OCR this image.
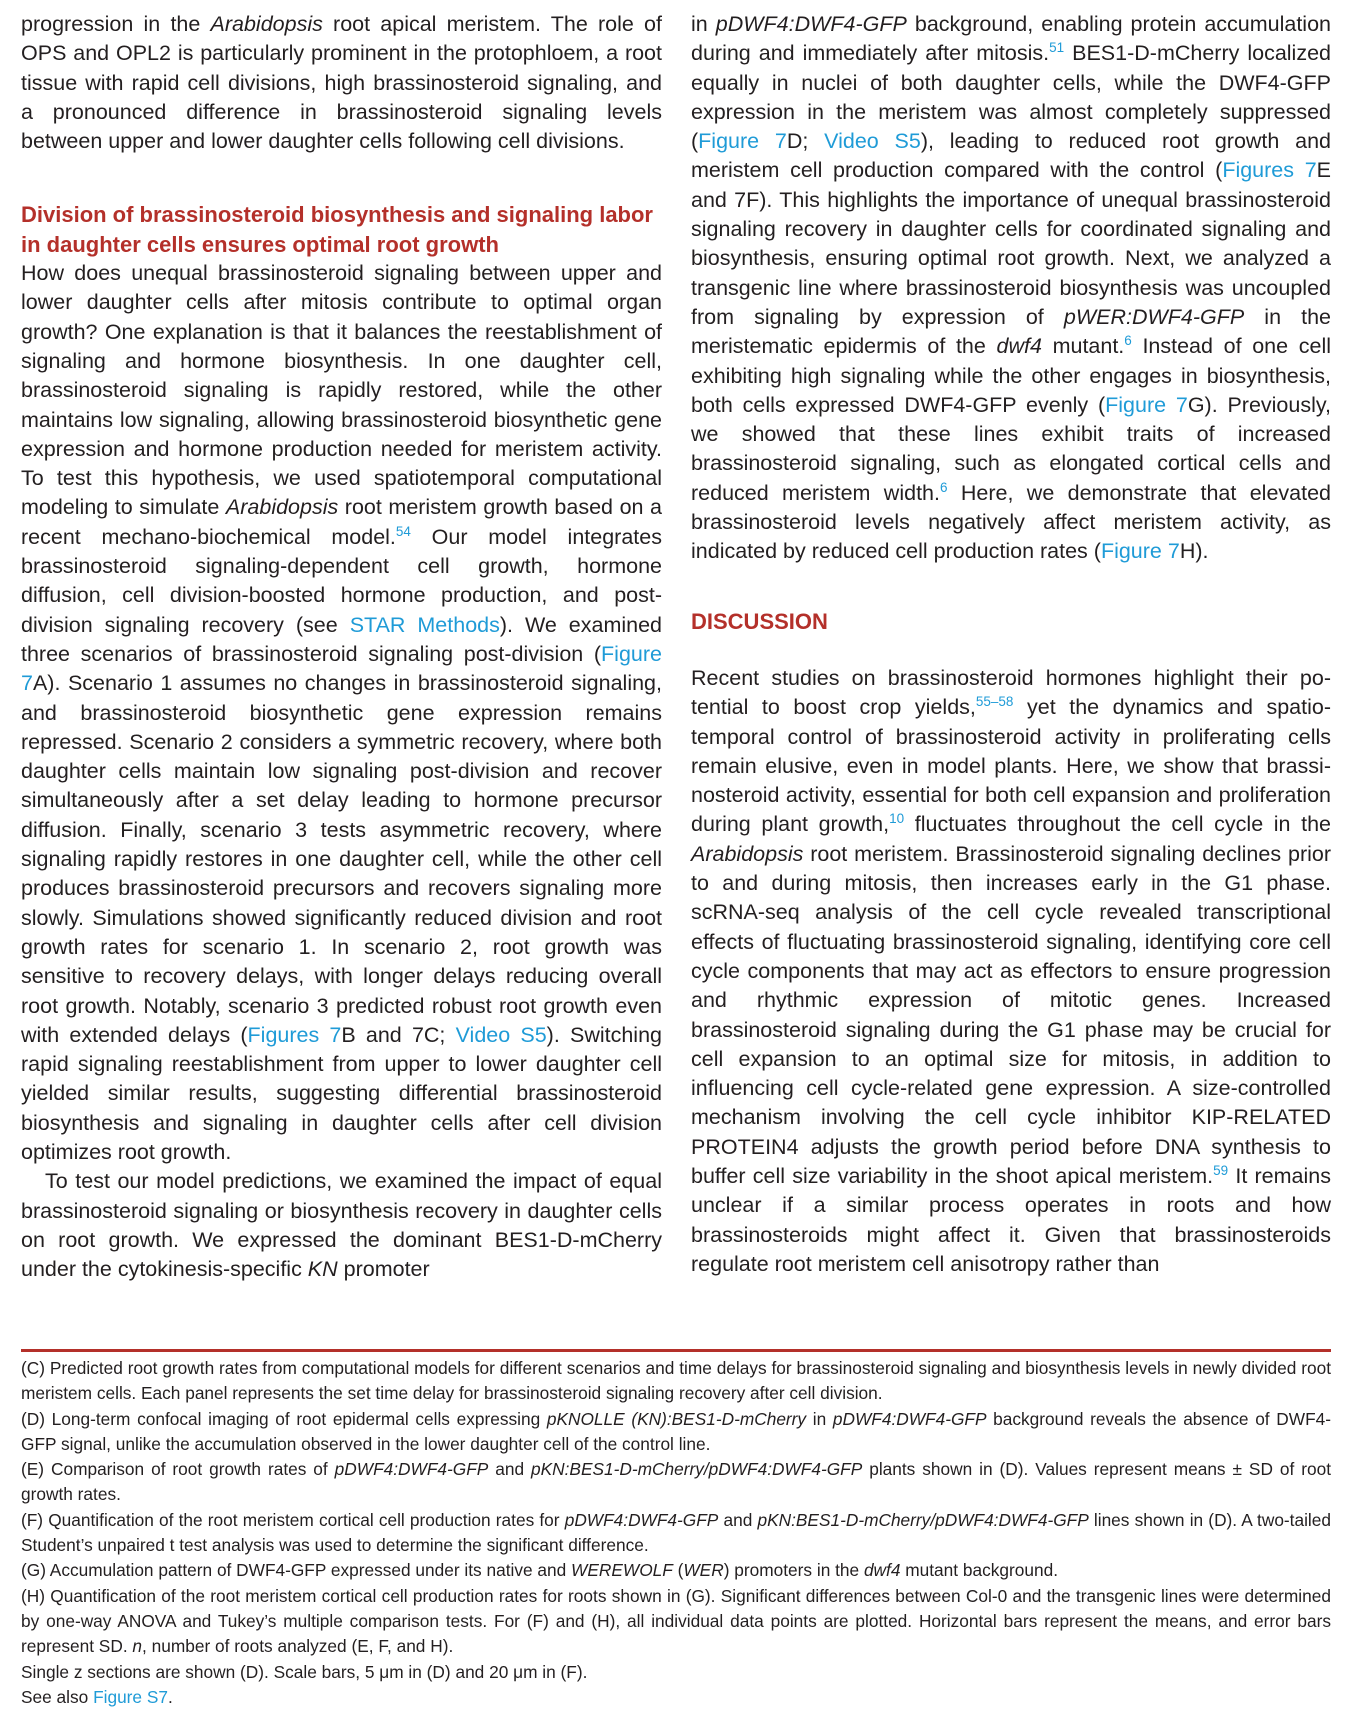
progression in the Arabidopsis root apical meristem. The role of OPS and OPL2 is particularly prominent in the protophloem, a root tissue with rapid cell divisions, high brassinosteroid signaling, and a pronounced difference in brassinosteroid signaling levels between upper and lower daughter cells following cell divisions.

Division of brassinosteroid biosynthesis and signaling labor in daughter cells ensures optimal root growth

How does unequal brassinosteroid signaling between upper and lower daughter cells after mitosis contribute to optimal organ growth? One explanation is that it balances the reestablishment of signaling and hormone biosynthesis. In one daughter cell, brassinosteroid signaling is rapidly restored, while the other maintains low signaling, allowing brassinosteroid biosynthetic gene expression and hormone production needed for meristem activity. To test this hypothesis, we used spatiotemporal computational modeling to simulate Arabidopsis root meristem growth based on a recent mechano-biochemical model.$^{54}$ Our model integrates brassinosteroid signaling-dependent cell growth, hormone diffusion, cell division-boosted hormone production, and post-division signaling recovery (see STAR Methods). We examined three scenarios of brassinosteroid signaling post-division (Figure 7A). Scenario 1 assumes no changes in brassinosteroid signaling, and brassinosteroid biosynthetic gene expression remains repressed. Scenario 2 considers a symmetric recovery, where both daughter cells maintain low signaling post-division and recover simultaneously after a set delay leading to hormone precursor diffusion. Finally, scenario 3 tests asymmetric recovery, where signaling rapidly restores in one daughter cell, while the other cell produces brassinosteroid precursors and recovers signaling more slowly. Simulations showed significantly reduced division and root growth rates for scenario 1. In scenario 2, root growth was sensitive to recovery delays, with longer delays reducing overall root growth. Notably, scenario 3 predicted robust root growth even with extended delays (Figures 7B and 7C; Video S5). Switching rapid signaling reestablishment from upper to lower daughter cell yielded similar results, suggesting differential brassinosteroid biosynthesis and signaling in daughter cells after cell division optimizes root growth.

To test our model predictions, we examined the impact of equal brassinosteroid signaling or biosynthesis recovery in daughter cells on root growth. We expressed the dominant BES1-D-mCherry under the cytokinesis-specific KN promoter

in pDWF4:DWF4-GFP background, enabling protein accumulation during and immediately after mitosis.$^{51}$ BES1-D-mCherry localized equally in nuclei of both daughter cells, while the DWF4-GFP expression in the meristem was almost completely suppressed (Figure 7D; Video S5), leading to reduced root growth and meristem cell production compared with the control (Figures 7E and 7F). This highlights the importance of unequal brassinosteroid signaling recovery in daughter cells for coordinated signaling and biosynthesis, ensuring optimal root growth. Next, we analyzed a transgenic line where brassinosteroid biosynthesis was uncoupled from signaling by expression of pWER:DWF4-GFP in the meristematic epidermis of the dwf4 mutant.$^6$ Instead of one cell exhibiting high signaling while the other engages in biosynthesis, both cells expressed DWF4-GFP evenly (Figure 7G). Previously, we showed that these lines exhibit traits of increased brassinosteroid signaling, such as elongated cortical cells and reduced meristem width.$^6$ Here, we demonstrate that elevated brassinosteroid levels negatively affect meristem activity, as indicated by reduced cell production rates (Figure 7H).

DISCUSSION

Recent studies on brassinosteroid hormones highlight their potential to boost crop yields,$^{55-58}$ yet the dynamics and spatiotemporal control of brassinosteroid activity in proliferating cells remain elusive, even in model plants. Here, we show that brassinosteroid activity, essential for both cell expansion and proliferation during plant growth,$^{10}$ fluctuates throughout the cell cycle in the Arabidopsis root meristem. Brassinosteroid signaling declines prior to and during mitosis, then increases early in the G1 phase. scRNA-seq analysis of the cell cycle revealed transcriptional effects of fluctuating brassinosteroid signaling, identifying core cell cycle components that may act as effectors to ensure progression and rhythmic expression of mitotic genes. Increased brassinosteroid signaling during the G1 phase may be crucial for cell expansion to an optimal size for mitosis, in addition to influencing cell cycle-related gene expression. A size-controlled mechanism involving the cell cycle inhibitor KIP-RELATED PROTEIN4 adjusts the growth period before DNA synthesis to buffer cell size variability in the shoot apical meristem.$^{59}$ It remains unclear if a similar process operates in roots and how brassinosteroids might affect it. Given that brassinosteroids regulate root meristem cell anisotropy rather than

(C) Predicted root growth rates from computational models for different scenarios and time delays for brassinosteroid signaling and biosynthesis levels in newly divided root meristem cells. Each panel represents the set time delay for brassinosteroid signaling recovery after cell division.

(D) Long-term confocal imaging of root epidermal cells expressing pKNOLLE (KN):BES1-D-mCherry in pDWF4:DWF4-GFP background reveals the absence of DWF4-GFP signal, unlike the accumulation observed in the lower daughter cell of the control line.

(E) Comparison of root growth rates of pDWF4:DWF4-GFP and pKN:BES1-D-mCherry/pDWF4:DWF4-GFP plants shown in (D). Values represent means ± SD of root growth rates.

(F) Quantification of the root meristem cortical cell production rates for pDWF4:DWF4-GFP and pKN:BES1-D-mCherry/pDWF4:DWF4-GFP lines shown in (D). A two-tailed Student’s unpaired t test analysis was used to determine the significant difference.

(G) Accumulation pattern of DWF4-GFP expressed under its native and WEREWOLF (WER) promoters in the dwf4 mutant background.

(H) Quantification of the root meristem cortical cell production rates for roots shown in (G). Significant differences between Col-0 and the transgenic lines were determined by one-way ANOVA and Tukey’s multiple comparison tests. For (F) and (H), all individual data points are plotted. Horizontal bars represent the means, and error bars represent SD. n, number of roots analyzed (E, F, and H).

Single z sections are shown (D). Scale bars, 5 μm in (D) and 20 μm in (F).

See also Figure S7.
